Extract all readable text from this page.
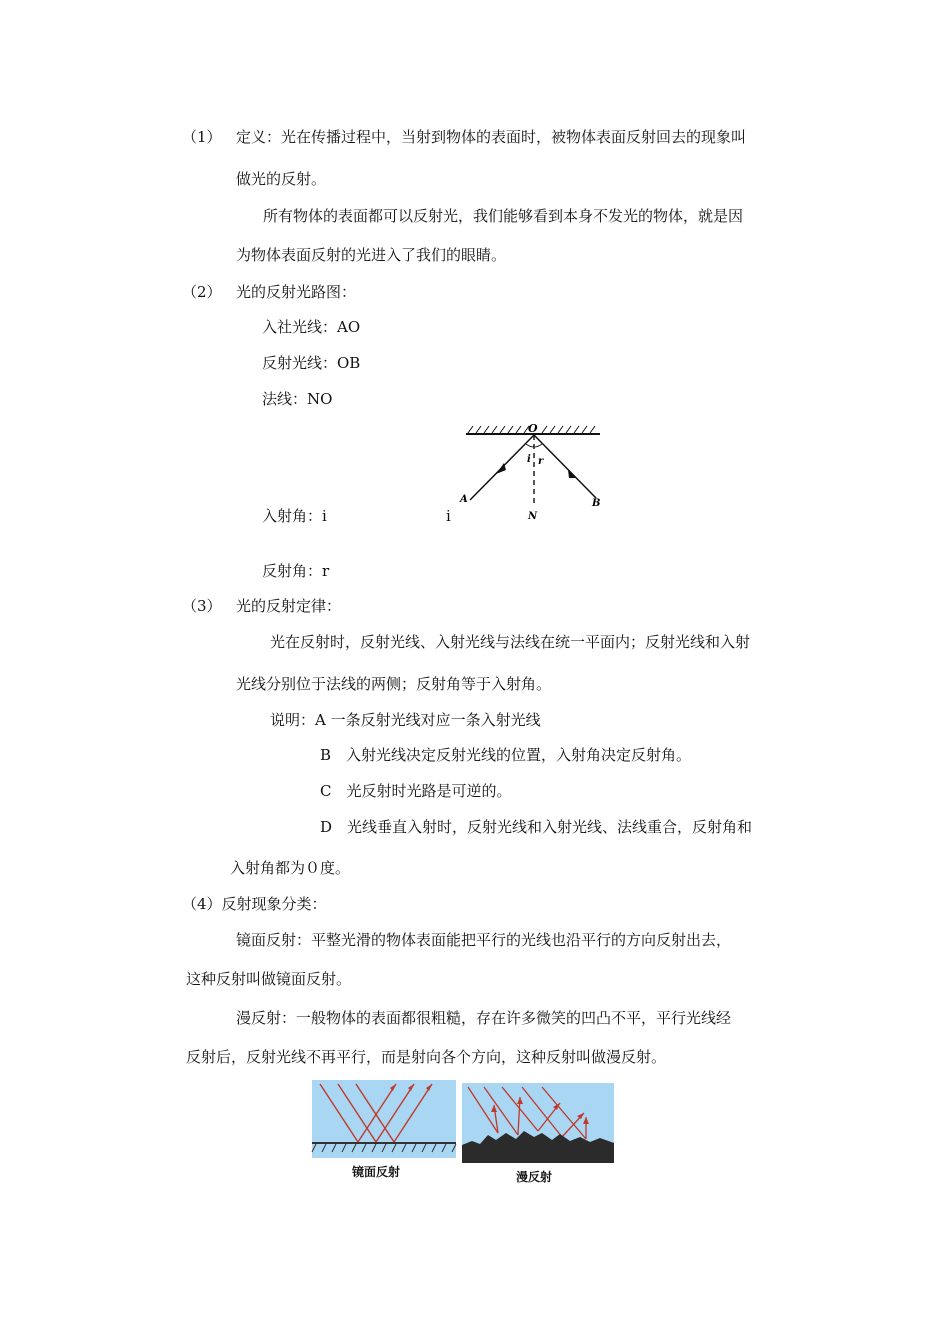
（1） 定义：光在传播过程中，当射到物体的表面时，被物体表面反射回去的现象叫
做光的反射。
所有物体的表面都可以反射光，我们能够看到本身不发光的物体，就是因
为物体表面反射的光进入了我们的眼睛。
（2） 光的反射光路图：
入社光线：AO
反射光线：OB
法线：NO
O
i r
A	B
N
入射角：i	i
反射角：r
（3） 光的反射定律：
光在反射时，反射光线、入射光线与法线在统一平面内；反射光线和入射
光线分别位于法线的两侧；反射角等于入射角。
说明：A 一条反射光线对应一条入射光线
B　入射光线决定反射光线的位置，入射角决定反射角。
C　光反射时光路是可逆的。
D　光线垂直入射时，反射光线和入射光线、法线重合，反射角和
入射角都为０度。
（4）反射现象分类：
镜面反射：平整光滑的物体表面能把平行的光线也沿平行的方向反射出去，
这种反射叫做镜面反射。
漫反射：一般物体的表面都很粗糙，存在许多微笑的凹凸不平，平行光线经
反射后，反射光线不再平行，而是射向各个方向，这种反射叫做漫反射。
镜面反射	漫反射
